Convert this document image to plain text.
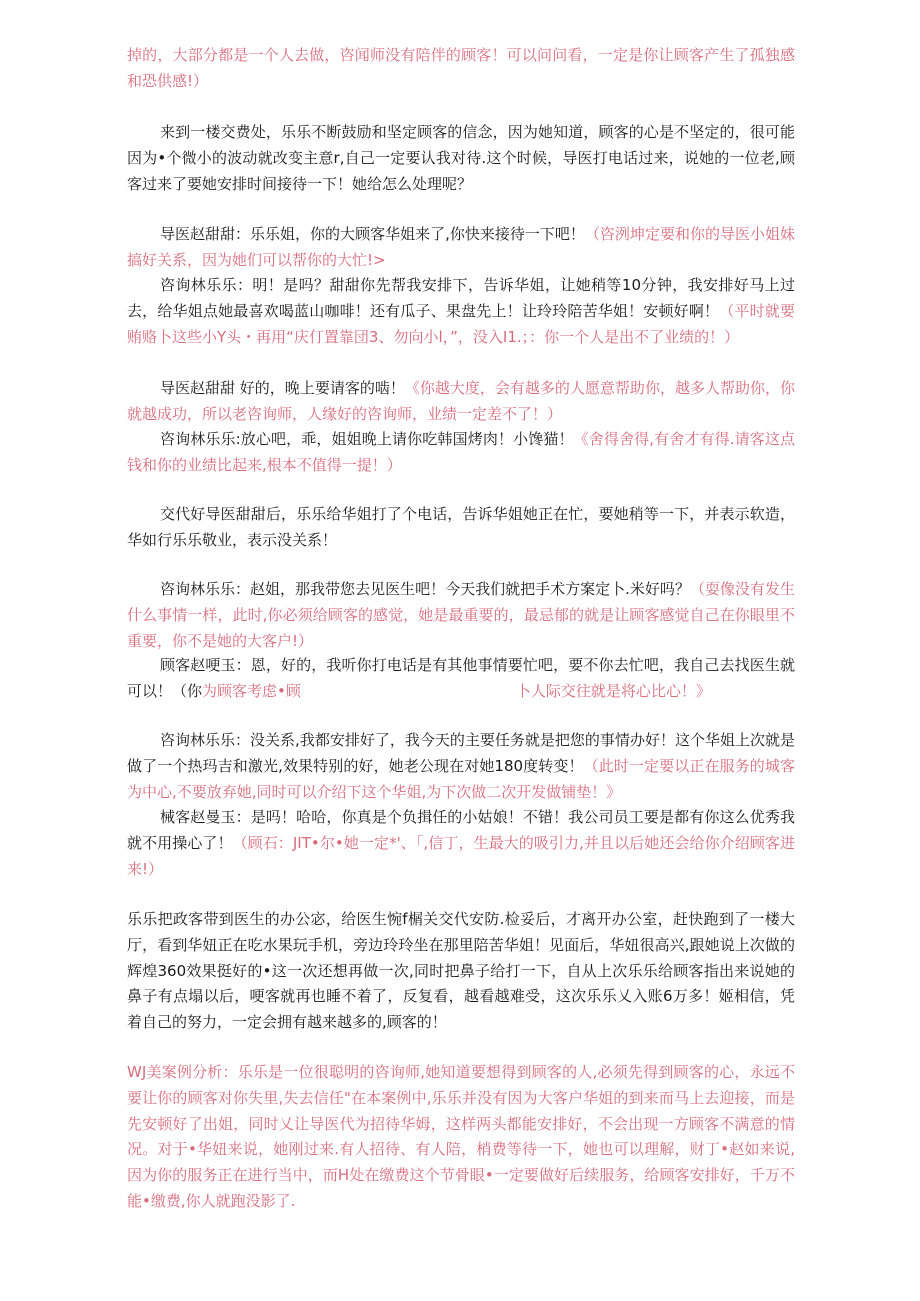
掉的，大部分都是一个人去做，咨闻师没有陪伴的顾客！可以问问看，一定是你让顾客产生了孤独感和恐供感!）

来到一楼交费处，乐乐不断鼓励和坚定顾客的信念，因为她知道，顾客的心是不坚定的，很可能因为•个微小的波动就改变主意r,自己一定要认我对待.这个时候，导医打电话过来，说她的一位老,顾客过来了要她安排时间接待一下！她给怎么处理呢？

导医赵甜甜：乐乐姐，你的大顾客华姐来了,你快来接待一下吧！（咨洌坤定要和你的导医小姐妹搞好关系，因为她们可以帮你的大忙!>

咨询林乐乐：明！是吗？甜甜你先帮我安排下，告诉华姐，让她稍等10分钟，我安排好马上过去，给华姐点她最喜欢喝蓝山咖啡！还有瓜子、果盘先上！让玲玲陪苦华姐！安顿好啊！（平时就要贿赂卜这些小Y头・再用“庆仃置靠団3、勿向小l，”，没入I1.；：你一个人是出不了业绩的！）

导医赵甜甜 好的，晚上要请客的啮！《你越大度，会有越多的人愿意帮助你，越多人帮助你，你就越成功，所以老咨询师，人缘好的咨询师，业绩一定差不了！）

咨询林乐乐:放心吧，乖，姐姐晚上请你吃韩国烤肉！小馋猫！《舍得舍得,有舍才有得.请客这点钱和你的业绩比起来,根本不值得一提！）

交代好导医甜甜后，乐乐给华姐打了个电话，告诉华姐她正在忙，要她稍等一下，并表示软造，华如行乐乐敬业，表示没关系！

咨询林乐乐：赵姐，那我带您去见医生吧！今天我们就把手术方案定卜.米好吗？（耍像没有发生什么事情一样，此时,你必须给顾客的感觉，她是最重要的，最忌郁的就是让顾客感觉自己在你眼里不重要，你不是她的大客户!）

顾客赵哽玉：恩，好的，我听你打电话是有其他事情要忙吧，要不你去忙吧，我自己去找医生就可以！（你为顾客考虑•顾	卜人际交往就是将心比心！》

咨询林乐乐：没关系,我都安排好了，我今天的主要任务就是把您的事情办好！这个华姐上次就是做了一个热玛吉和激光,效果特别的好，她老公现在对她180度转变！（此时一定要以正在服务的城客为中心,不要放弃她,同时可以介绍下这个华姐,为下次做二次开发做铺垫！》

械客赵曼玉：是吗！哈哈，你真是个负揖任的小姑娘！不错！我公司员工要是都有你这么优秀我就不用操心了！（顾石：JIT•尔•她一定*'、「,信丁，生最大的吸引力,并且以后她还会给你介绍顾客进来!）

乐乐把政客带到医生的办公宓，给医生惋f榍关交代安防.检妥后，才离开办公室，赶快跑到了一楼大厅，看到华妞正在吃水果玩手机，旁边玲玲坐在那里陪苦华姐！见面后，华妞很高兴,跟她说上次做的辉煌360效果挺好的•这一次还想再做一次,同时把鼻子给打一下，自从上次乐乐给顾客指出来说她的鼻子有点塌以后，哽客就再也睡不着了，反复看，越看越难受，这次乐乐乂入账6万多！姬相信，凭着自己的努力，一定会拥有越来越多的,顾客的！

WJ美案例分析：乐乐是一位很聪明的咨询师,她知道要想得到顾客的人,必须先得到顾客的心，永远不要让你的顾客对你失里,失去信任"在本案例中,乐乐并没有因为大客户华姐的到来而马上去迎接，而是先安顿好了出姐，同时乂让导医代为招待华姆，这样两头都能安排好，不会出现一方顾客不满意的情况。对于•华妞来说，她刚过来.有人招待、有人陪，梢费等待一下，她也可以理解，财丁•赵如来说,因为你的服务正在进行当中，而H处在缴费这个节骨眼•一定要做好后续服务，给顾客安排好，千万不能•缴费,你人就跑没影了.
